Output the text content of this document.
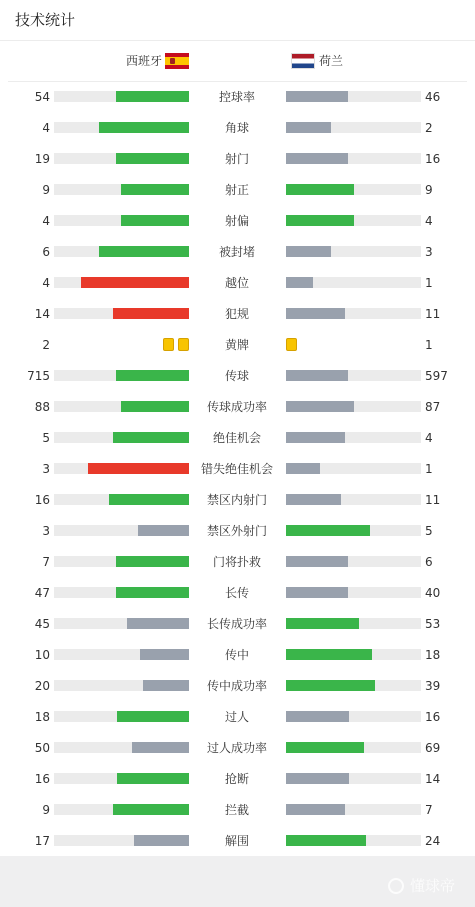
技术统计
西班牙	荷兰
54	控球率	46
4	角球	2
19	射门	16
9	射正	9
4	射偏	4
6	被封堵	3
4	越位	1
14	犯规	11
2	黄牌	1
715	传球	597
88	传球成功率	87
5	绝佳机会	4
3	错失绝佳机会	1
16	禁区内射门	11
3	禁区外射门	5
7	门将扑救	6
47	长传	40
45	长传成功率	53
10	传中	18
20	传中成功率	39
18	过人	16
50	过人成功率	69
16	抢断	14
9	拦截	7
17	解围	24
懂球帝
